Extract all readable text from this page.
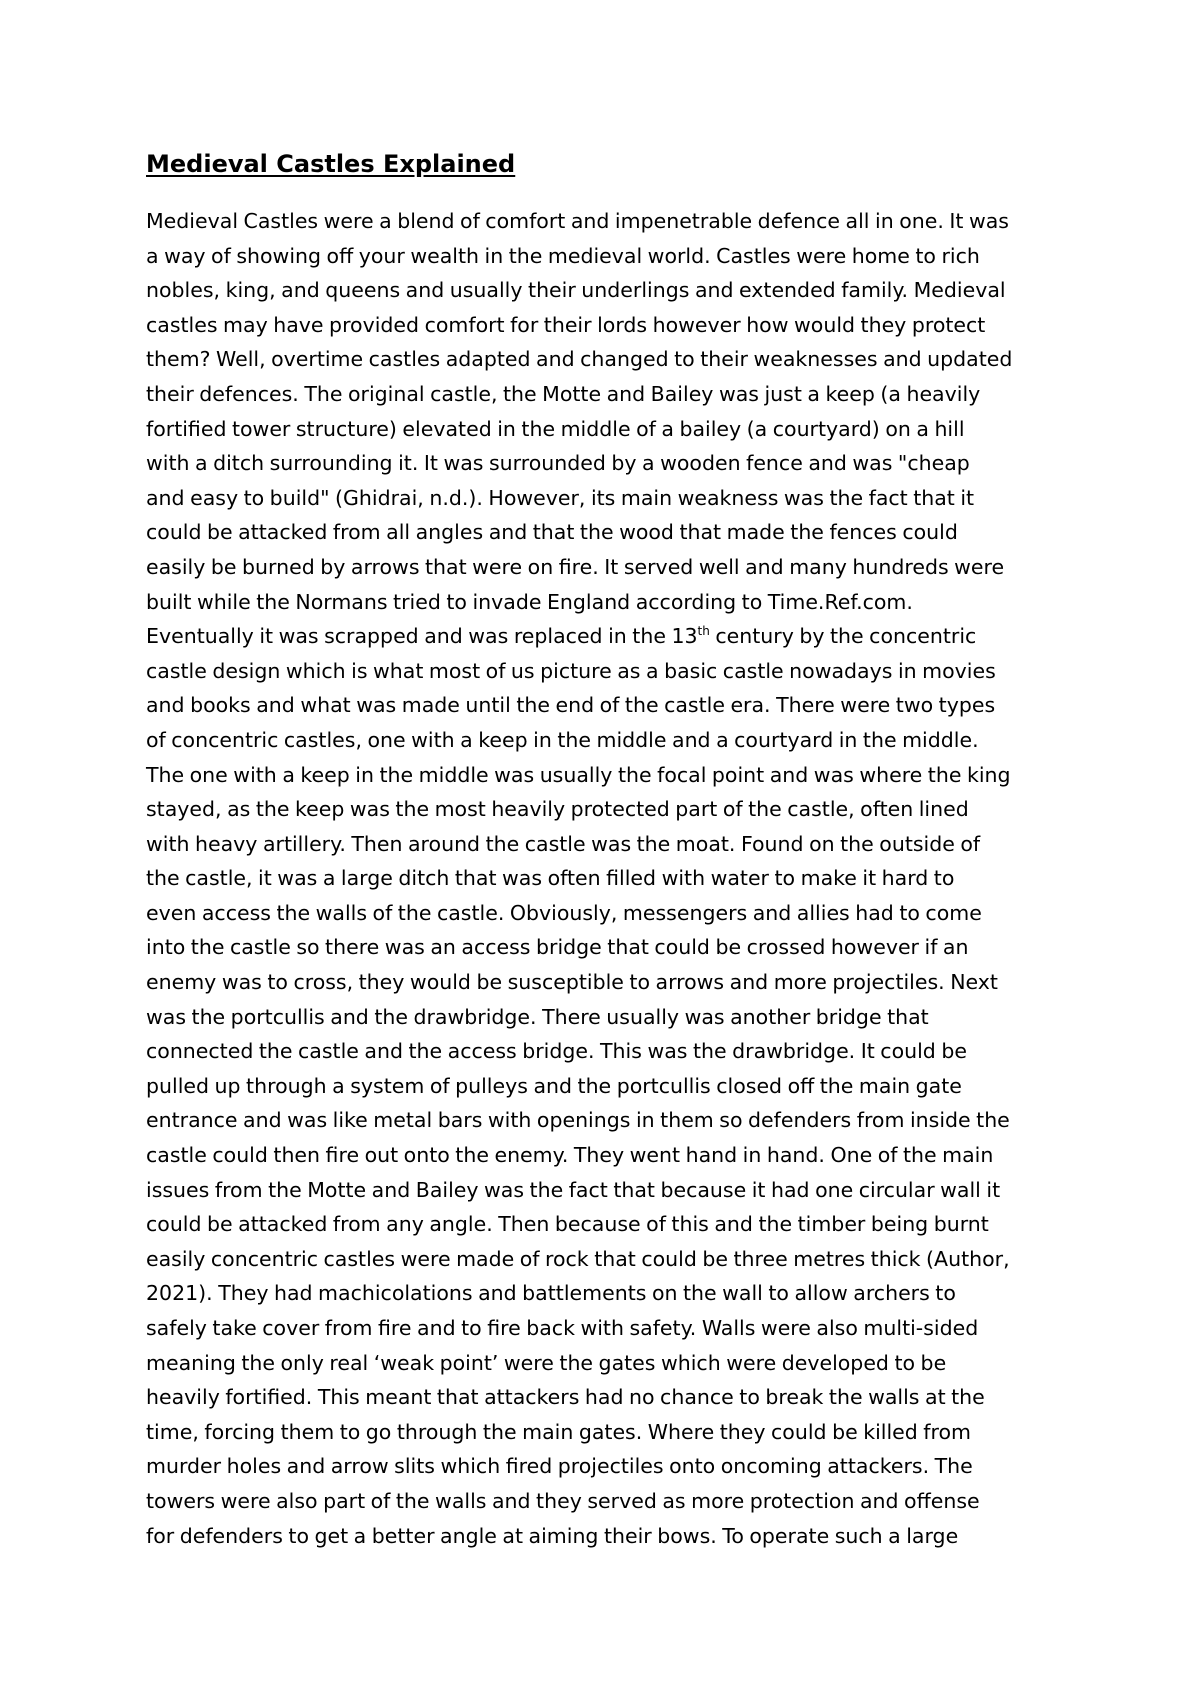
Medieval Castles Explained
Medieval Castles were a blend of comfort and impenetrable defence all in one. It was
a way of showing off your wealth in the medieval world. Castles were home to rich
nobles, king, and queens and usually their underlings and extended family. Medieval
castles may have provided comfort for their lords however how would they protect
them? Well, overtime castles adapted and changed to their weaknesses and updated
their defences. The original castle, the Motte and Bailey was just a keep (a heavily
fortified tower structure) elevated in the middle of a bailey (a courtyard) on a hill
with a ditch surrounding it. It was surrounded by a wooden fence and was "cheap
and easy to build" (Ghidrai, n.d.). However, its main weakness was the fact that it
could be attacked from all angles and that the wood that made the fences could
easily be burned by arrows that were on fire. It served well and many hundreds were
built while the Normans tried to invade England according to Time.Ref.com.
Eventually it was scrapped and was replaced in the 13th century by the concentric
castle design which is what most of us picture as a basic castle nowadays in movies
and books and what was made until the end of the castle era. There were two types
of concentric castles, one with a keep in the middle and a courtyard in the middle.
The one with a keep in the middle was usually the focal point and was where the king
stayed, as the keep was the most heavily protected part of the castle, often lined
with heavy artillery. Then around the castle was the moat. Found on the outside of
the castle, it was a large ditch that was often filled with water to make it hard to
even access the walls of the castle. Obviously, messengers and allies had to come
into the castle so there was an access bridge that could be crossed however if an
enemy was to cross, they would be susceptible to arrows and more projectiles. Next
was the portcullis and the drawbridge. There usually was another bridge that
connected the castle and the access bridge. This was the drawbridge. It could be
pulled up through a system of pulleys and the portcullis closed off the main gate
entrance and was like metal bars with openings in them so defenders from inside the
castle could then fire out onto the enemy. They went hand in hand. One of the main
issues from the Motte and Bailey was the fact that because it had one circular wall it
could be attacked from any angle. Then because of this and the timber being burnt
easily concentric castles were made of rock that could be three metres thick (Author,
2021). They had machicolations and battlements on the wall to allow archers to
safely take cover from fire and to fire back with safety. Walls were also multi-sided
meaning the only real ‘weak point’ were the gates which were developed to be
heavily fortified. This meant that attackers had no chance to break the walls at the
time, forcing them to go through the main gates. Where they could be killed from
murder holes and arrow slits which fired projectiles onto oncoming attackers. The
towers were also part of the walls and they served as more protection and offense
for defenders to get a better angle at aiming their bows. To operate such a large
